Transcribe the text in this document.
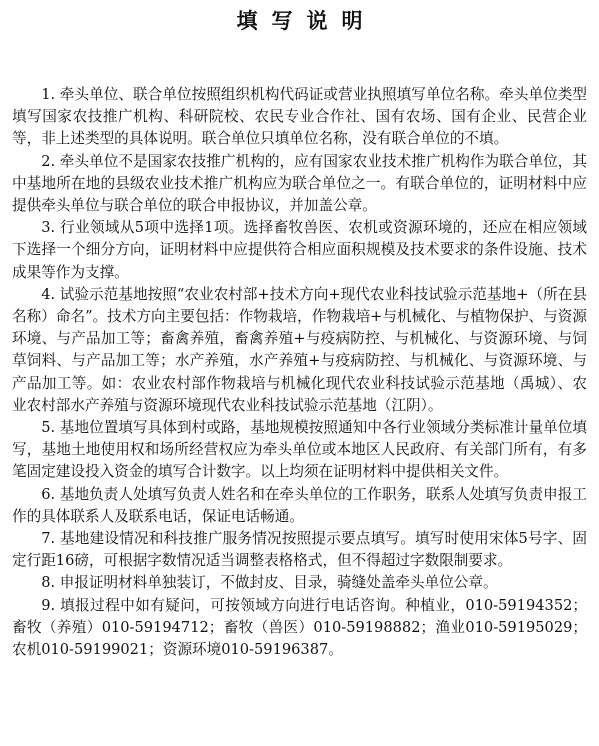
填写说明

1. 牵头单位、联合单位按照组织机构代码证或营业执照填写单位名称。牵头单位类型填写国家农技推广机构、科研院校、农民专业合作社、国有农场、国有企业、民营企业等，非上述类型的具体说明。联合单位只填单位名称，没有联合单位的不填。

2. 牵头单位不是国家农技推广机构的，应有国家农业技术推广机构作为联合单位，其中基地所在地的县级农业技术推广机构应为联合单位之一。有联合单位的，证明材料中应提供牵头单位与联合单位的联合申报协议，并加盖公章。

3. 行业领域从5项中选择1项。选择畜牧兽医、农机或资源环境的，还应在相应领域下选择一个细分方向，证明材料中应提供符合相应面积规模及技术要求的条件设施、技术成果等作为支撑。

4. 试验示范基地按照“农业农村部+技术方向+现代农业科技试验示范基地+（所在县名称）命名”。技术方向主要包括：作物栽培，作物栽培+与机械化、与植物保护、与资源环境、与产品加工等；畜禽养殖，畜禽养殖+与疫病防控、与机械化、与资源环境、与饲草饲料、与产品加工等；水产养殖，水产养殖+与疫病防控、与机械化、与资源环境、与产品加工等。如：农业农村部作物栽培与机械化现代农业科技试验示范基地（禹城）、农业农村部水产养殖与资源环境现代农业科技试验示范基地（江阴）。

5. 基地位置填写具体到村或路，基地规模按照通知中各行业领域分类标准计量单位填写，基地土地使用权和场所经营权应为牵头单位或本地区人民政府、有关部门所有，有多笔固定建设投入资金的填写合计数字。以上均须在证明材料中提供相关文件。

6. 基地负责人处填写负责人姓名和在牵头单位的工作职务，联系人处填写负责申报工作的具体联系人及联系电话，保证电话畅通。

7. 基地建设情况和科技推广服务情况按照提示要点填写。填写时使用宋体5号字、固定行距16磅，可根据字数情况适当调整表格格式，但不得超过字数限制要求。

8. 申报证明材料单独装订，不做封皮、目录，骑缝处盖牵头单位公章。

9. 填报过程中如有疑问，可按领域方向进行电话咨询。种植业，010-59194352；畜牧（养殖）010-59194712；畜牧（兽医）010-59198882；渔业010-59195029；农机010-59199021；资源环境010-59196387。
